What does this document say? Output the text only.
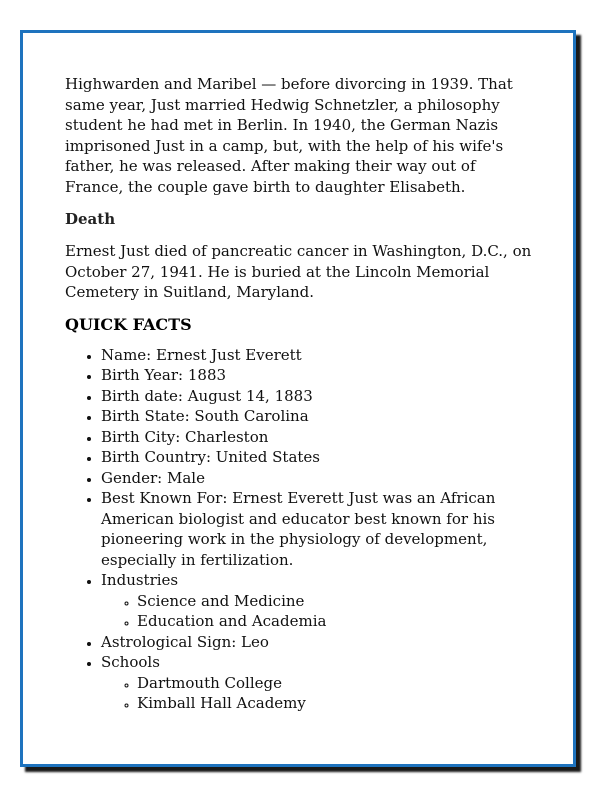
Highwarden and Maribel — before divorcing in 1939. That same year, Just married Hedwig Schnetzler, a philosophy student he had met in Berlin. In 1940, the German Nazis imprisoned Just in a camp, but, with the help of his wife's father, he was released. After making their way out of France, the couple gave birth to daughter Elisabeth.

Death

Ernest Just died of pancreatic cancer in Washington, D.C., on October 27, 1941. He is buried at the Lincoln Memorial Cemetery in Suitland, Maryland.

QUICK FACTS
• Name: Ernest Just Everett
• Birth Year: 1883
• Birth date: August 14, 1883
• Birth State: South Carolina
• Birth City: Charleston
• Birth Country: United States
• Gender: Male
• Best Known For: Ernest Everett Just was an African American biologist and educator best known for his pioneering work in the physiology of development, especially in fertilization.
• Industries
◦ Science and Medicine
◦ Education and Academia
• Astrological Sign: Leo
• Schools
◦ Dartmouth College
◦ Kimball Hall Academy
